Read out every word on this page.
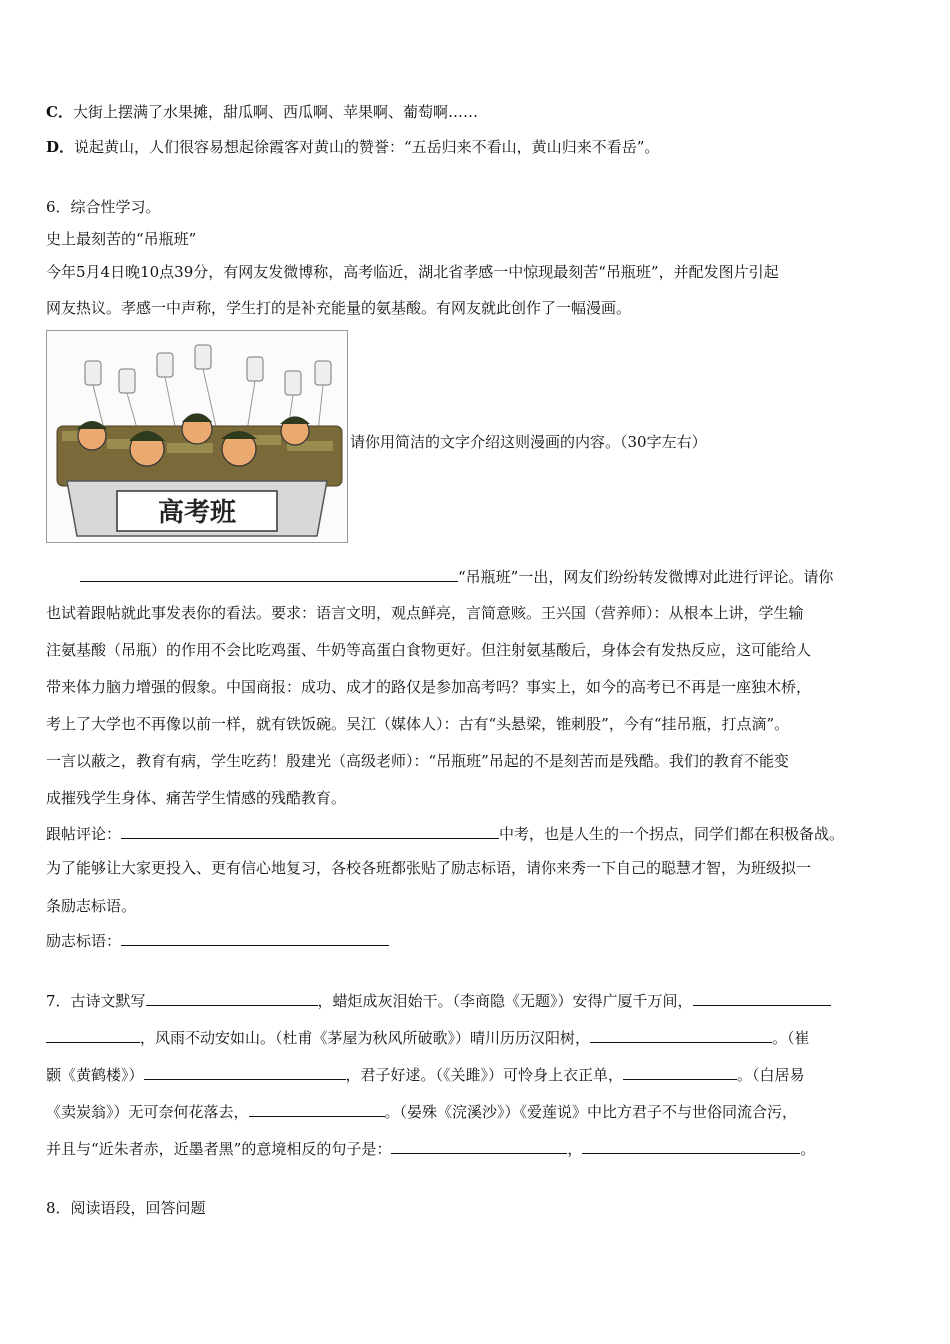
C．大街上摆满了水果摊，甜瓜啊、西瓜啊、苹果啊、葡萄啊……
D．说起黄山，人们很容易想起徐霞客对黄山的赞誉：“五岳归来不看山，黄山归来不看岳”。
6．综合性学习。
史上最刻苦的“吊瓶班”
今年5月4日晚10点39分，有网友发微博称，高考临近，湖北省孝感一中惊现最刻苦“吊瓶班”，并配发图片引起
网友热议。孝感一中声称，学生打的是补充能量的氨基酸。有网友就此创作了一幅漫画。
高考班
请你用简洁的文字介绍这则漫画的内容。（30字左右）
“吊瓶班”一出，网友们纷纷转发微博对此进行评论。请你
也试着跟帖就此事发表你的看法。要求：语言文明，观点鲜亮，言简意赅。王兴国（营养师）：从根本上讲，学生输
注氨基酸（吊瓶）的作用不会比吃鸡蛋、牛奶等高蛋白食物更好。但注射氨基酸后，身体会有发热反应，这可能给人
带来体力脑力增强的假象。中国商报：成功、成才的路仅是参加高考吗？事实上，如今的高考已不再是一座独木桥，
考上了大学也不再像以前一样，就有铁饭碗。吴江（媒体人）：古有“头悬梁，锥刺股”，今有“挂吊瓶，打点滴”。
一言以蔽之，教育有病，学生吃药！殷建光（高级老师）：“吊瓶班”吊起的不是刻苦而是残酷。我们的教育不能变
成摧残学生身体、痛苦学生情感的残酷教育。
跟帖评论：	中考，也是人生的一个拐点，同学们都在积极备战。
为了能够让大家更投入、更有信心地复习，各校各班都张贴了励志标语，请你来秀一下自己的聪慧才智，为班级拟一
条励志标语。
励志标语：
7．古诗文默写	，蜡炬成灰泪始干。（李商隐《无题》）安得广厦千万间，
，风雨不动安如山。（杜甫《茅屋为秋风所破歌》）晴川历历汉阳树，	。（崔
颢《黄鹤楼》）	，君子好逑。（《关雎》）可怜身上衣正单，	。（白居易
《卖炭翁》）无可奈何花落去，	。（晏殊《浣溪沙》）《爱莲说》中比方君子不与世俗同流合污，
并且与“近朱者赤，近墨者黑”的意境相反的句子是：	，	。
8．阅读语段，回答问题
